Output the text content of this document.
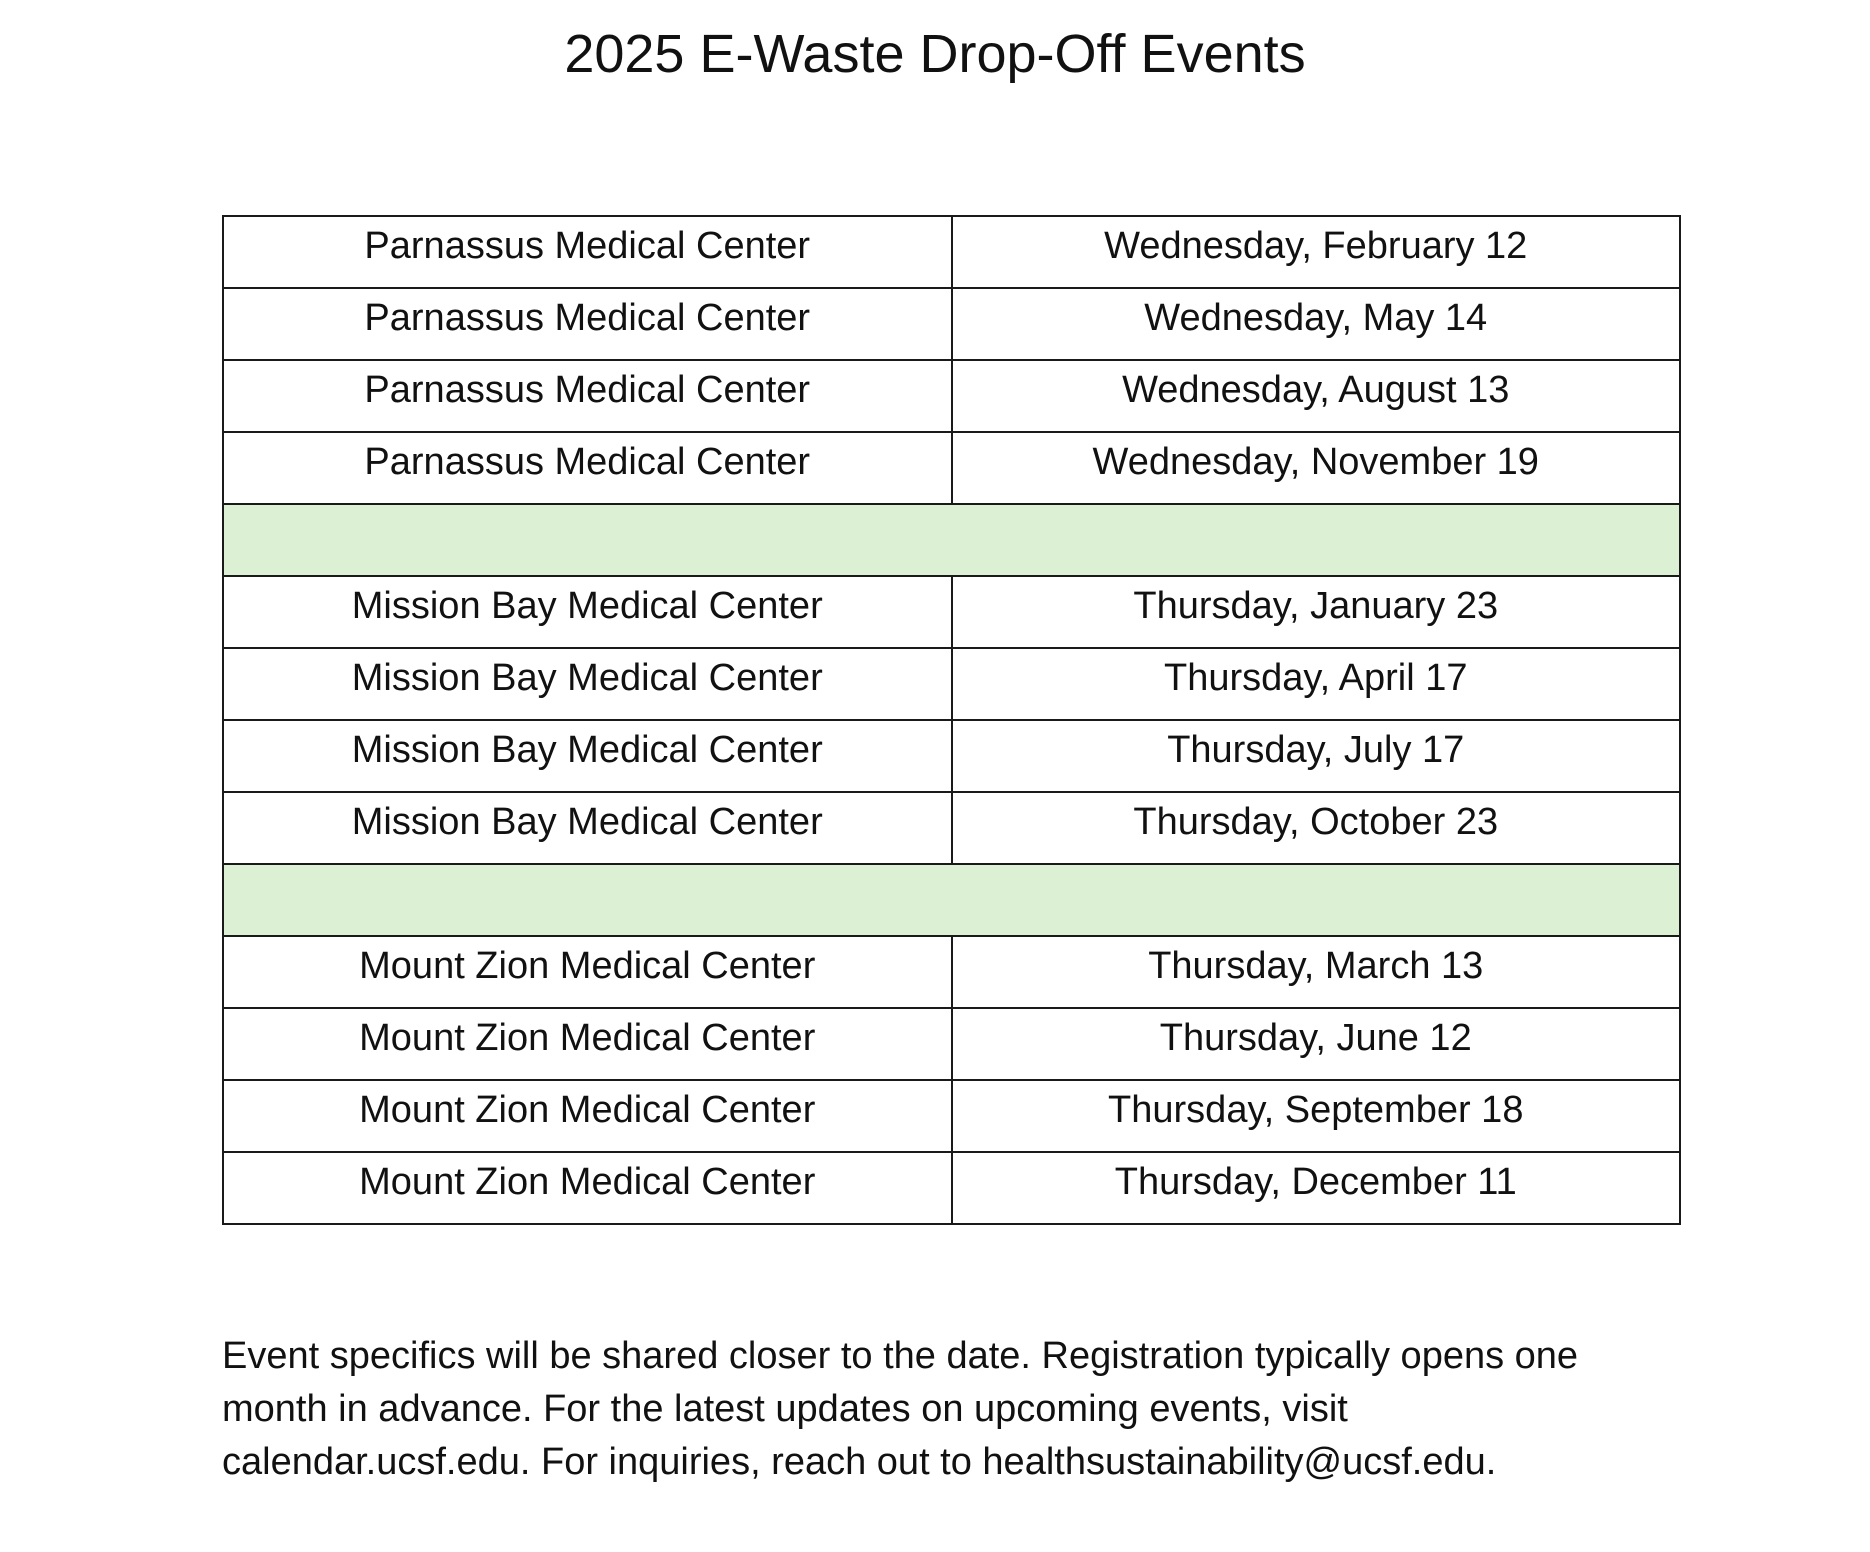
2025 E-Waste Drop-Off Events
Parnassus Medical Center	Wednesday, February 12
Parnassus Medical Center	Wednesday, May 14
Parnassus Medical Center	Wednesday, August 13
Parnassus Medical Center	Wednesday, November 19

Mission Bay Medical Center	Thursday, January 23
Mission Bay Medical Center	Thursday, April 17
Mission Bay Medical Center	Thursday, July 17
Mission Bay Medical Center	Thursday, October 23

Mount Zion Medical Center	Thursday, March 13
Mount Zion Medical Center	Thursday, June 12
Mount Zion Medical Center	Thursday, September 18
Mount Zion Medical Center	Thursday, December 11

Event specifics will be shared closer to the date. Registration typically opens one
month in advance. For the latest updates on upcoming events, visit
calendar.ucsf.edu. For inquiries, reach out to healthsustainability@ucsf.edu.
